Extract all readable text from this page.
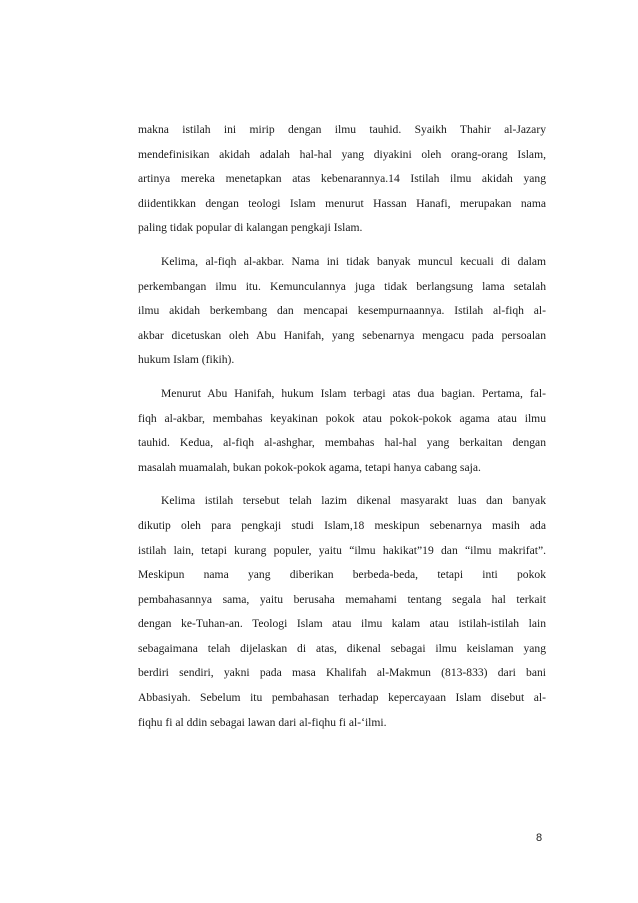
makna istilah ini mirip dengan ilmu tauhid. Syaikh Thahir al-Jazary
mendefinisikan akidah adalah hal-hal yang diyakini oleh orang-orang Islam,
artinya mereka menetapkan atas kebenarannya.14 Istilah ilmu akidah yang
diidentikkan dengan teologi Islam menurut Hassan Hanafi, merupakan nama
paling tidak popular di kalangan pengkaji Islam.
Kelima, al-fiqh al-akbar. Nama ini tidak banyak muncul kecuali di dalam
perkembangan ilmu itu. Kemunculannya juga tidak berlangsung lama setalah
ilmu akidah berkembang dan mencapai kesempurnaannya. Istilah al-fiqh al-
akbar dicetuskan oleh Abu Hanifah, yang sebenarnya mengacu pada persoalan
hukum Islam (fikih).
Menurut Abu Hanifah, hukum Islam terbagi atas dua bagian. Pertama, fal-
fiqh al-akbar, membahas keyakinan pokok atau pokok-pokok agama atau ilmu
tauhid. Kedua, al-fiqh al-ashghar, membahas hal-hal yang berkaitan dengan
masalah muamalah, bukan pokok-pokok agama, tetapi hanya cabang saja.
Kelima istilah tersebut telah lazim dikenal masyarakt luas dan banyak
dikutip oleh para pengkaji studi Islam,18 meskipun sebenarnya masih ada
istilah lain, tetapi kurang populer, yaitu “ilmu hakikat”19 dan “ilmu makrifat”.
Meskipun nama yang diberikan berbeda-beda, tetapi inti pokok
pembahasannya sama, yaitu berusaha memahami tentang segala hal terkait
dengan ke-Tuhan-an. Teologi Islam atau ilmu kalam atau istilah-istilah lain
sebagaimana telah dijelaskan di atas, dikenal sebagai ilmu keislaman yang
berdiri sendiri, yakni pada masa Khalifah al-Makmun (813-833) dari bani
Abbasiyah. Sebelum itu pembahasan terhadap kepercayaan Islam disebut al-
fiqhu fi al ddin sebagai lawan dari al-fiqhu fi al-‘ilmi.
8
